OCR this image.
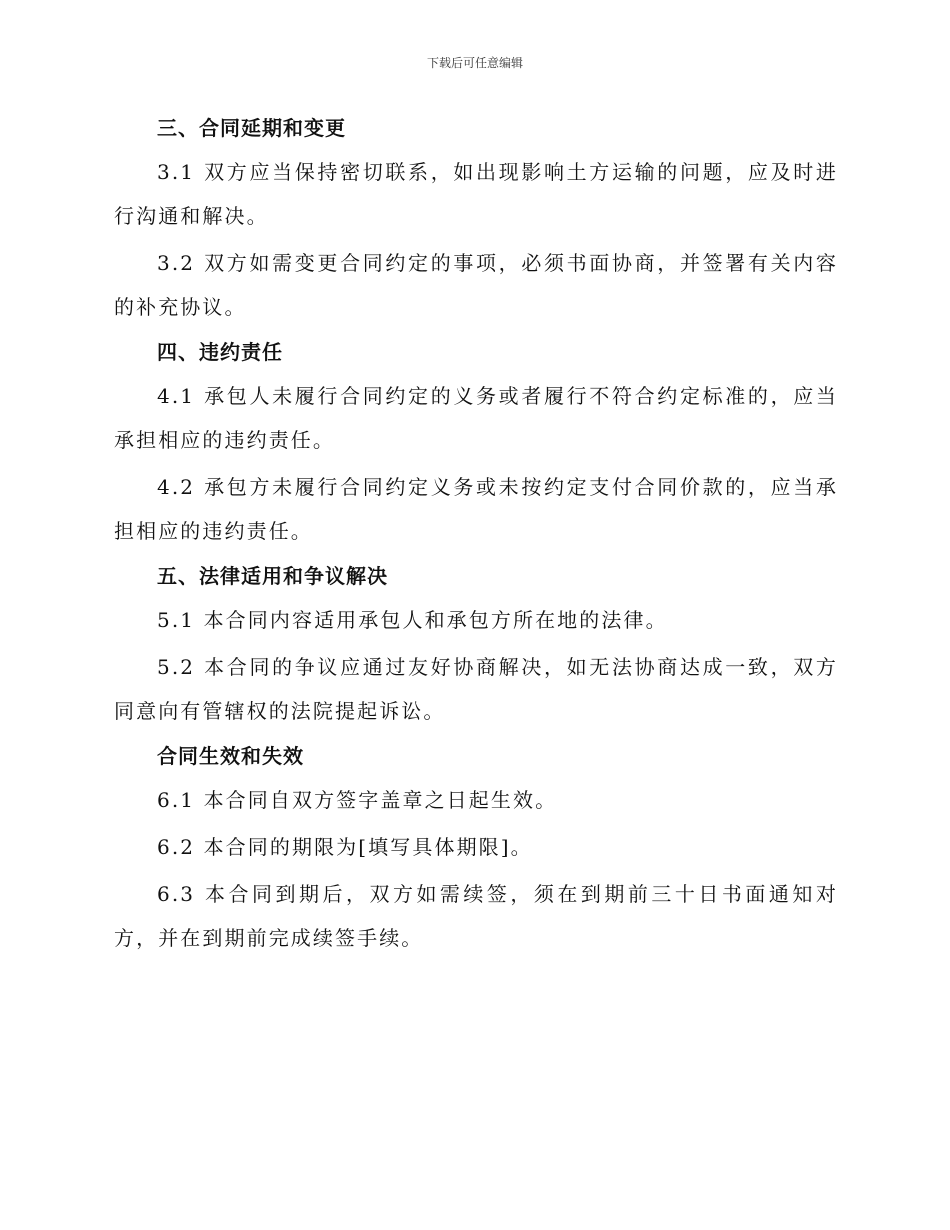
下载后可任意编辑
三、合同延期和变更

3.1 双方应当保持密切联系，如出现影响土方运输的问题，应及时进行沟通和解决。

3.2 双方如需变更合同约定的事项，必须书面协商，并签署有关内容的补充协议。

四、违约责任

4.1 承包人未履行合同约定的义务或者履行不符合约定标准的，应当承担相应的违约责任。

4.2 承包方未履行合同约定义务或未按约定支付合同价款的，应当承担相应的违约责任。

五、法律适用和争议解决

5.1 本合同内容适用承包人和承包方所在地的法律。

5.2 本合同的争议应通过友好协商解决，如无法协商达成一致，双方同意向有管辖权的法院提起诉讼。

合同生效和失效

6.1 本合同自双方签字盖章之日起生效。

6.2 本合同的期限为[填写具体期限]。

6.3 本合同到期后，双方如需续签，须在到期前三十日书面通知对方，并在到期前完成续签手续。
